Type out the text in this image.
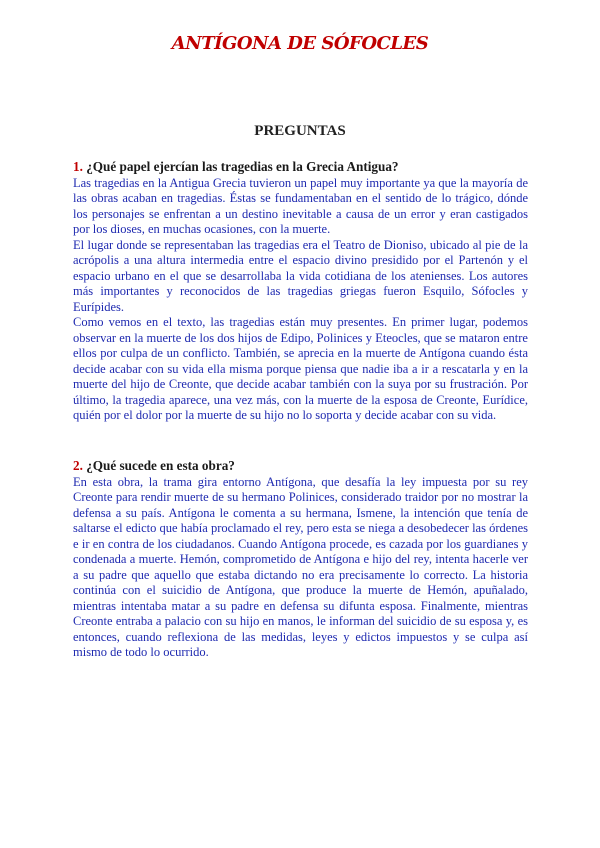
ANTÍGONA DE SÓFOCLES
PREGUNTAS
1. ¿Qué papel ejercían las tragedias en la Grecia Antigua?

Las tragedias en la Antigua Grecia tuvieron un papel muy importante ya que la mayoría de las obras acaban en tragedias. Éstas se fundamentaban en el sentido de lo trágico, dónde los personajes se enfrentan a un destino inevitable a causa de un error y eran castigados por los dioses, en muchas ocasiones, con la muerte.

El lugar donde se representaban las tragedias era el Teatro de Dioniso, ubicado al pie de la acrópolis a una altura intermedia entre el espacio divino presidido por el Partenón y el espacio urbano en el que se desarrollaba la vida cotidiana de los atenienses. Los autores más importantes y reconocidos de las tragedias griegas fueron Esquilo, Sófocles y Eurípides.

Como vemos en el texto, las tragedias están muy presentes. En primer lugar, podemos observar en la muerte de los dos hijos de Edipo, Polinices y Eteocles, que se mataron entre ellos por culpa de un conflicto. También, se aprecia en la muerte de Antígona cuando ésta decide acabar con su vida ella misma porque piensa que nadie iba a ir a rescatarla y en la muerte del hijo de Creonte, que decide acabar también con la suya por su frustración. Por último, la tragedia aparece, una vez más, con la muerte de la esposa de Creonte, Eurídice, quién por el dolor por la muerte de su hijo no lo soporta y decide acabar con su vida.

2. ¿Qué sucede en esta obra?

En esta obra, la trama gira entorno Antígona, que desafía la ley impuesta por su rey Creonte para rendir muerte de su hermano Polinices, considerado traidor por no mostrar la defensa a su país. Antígona le comenta a su hermana, Ismene, la intención que tenía de saltarse el edicto que había proclamado el rey, pero esta se niega a desobedecer las órdenes e ir en contra de los ciudadanos. Cuando Antígona procede, es cazada por los guardianes y condenada a muerte. Hemón, comprometido de Antígona e hijo del rey, intenta hacerle ver a su padre que aquello que estaba dictando no era precisamente lo correcto. La historia continúa con el suicidio de Antígona, que produce la muerte de Hemón, apuñalado, mientras intentaba matar a su padre en defensa su difunta esposa. Finalmente, mientras Creonte entraba a palacio con su hijo en manos, le informan del suicidio de su esposa y, es entonces, cuando reflexiona de las medidas, leyes y edictos impuestos y se culpa así mismo de todo lo ocurrido.
